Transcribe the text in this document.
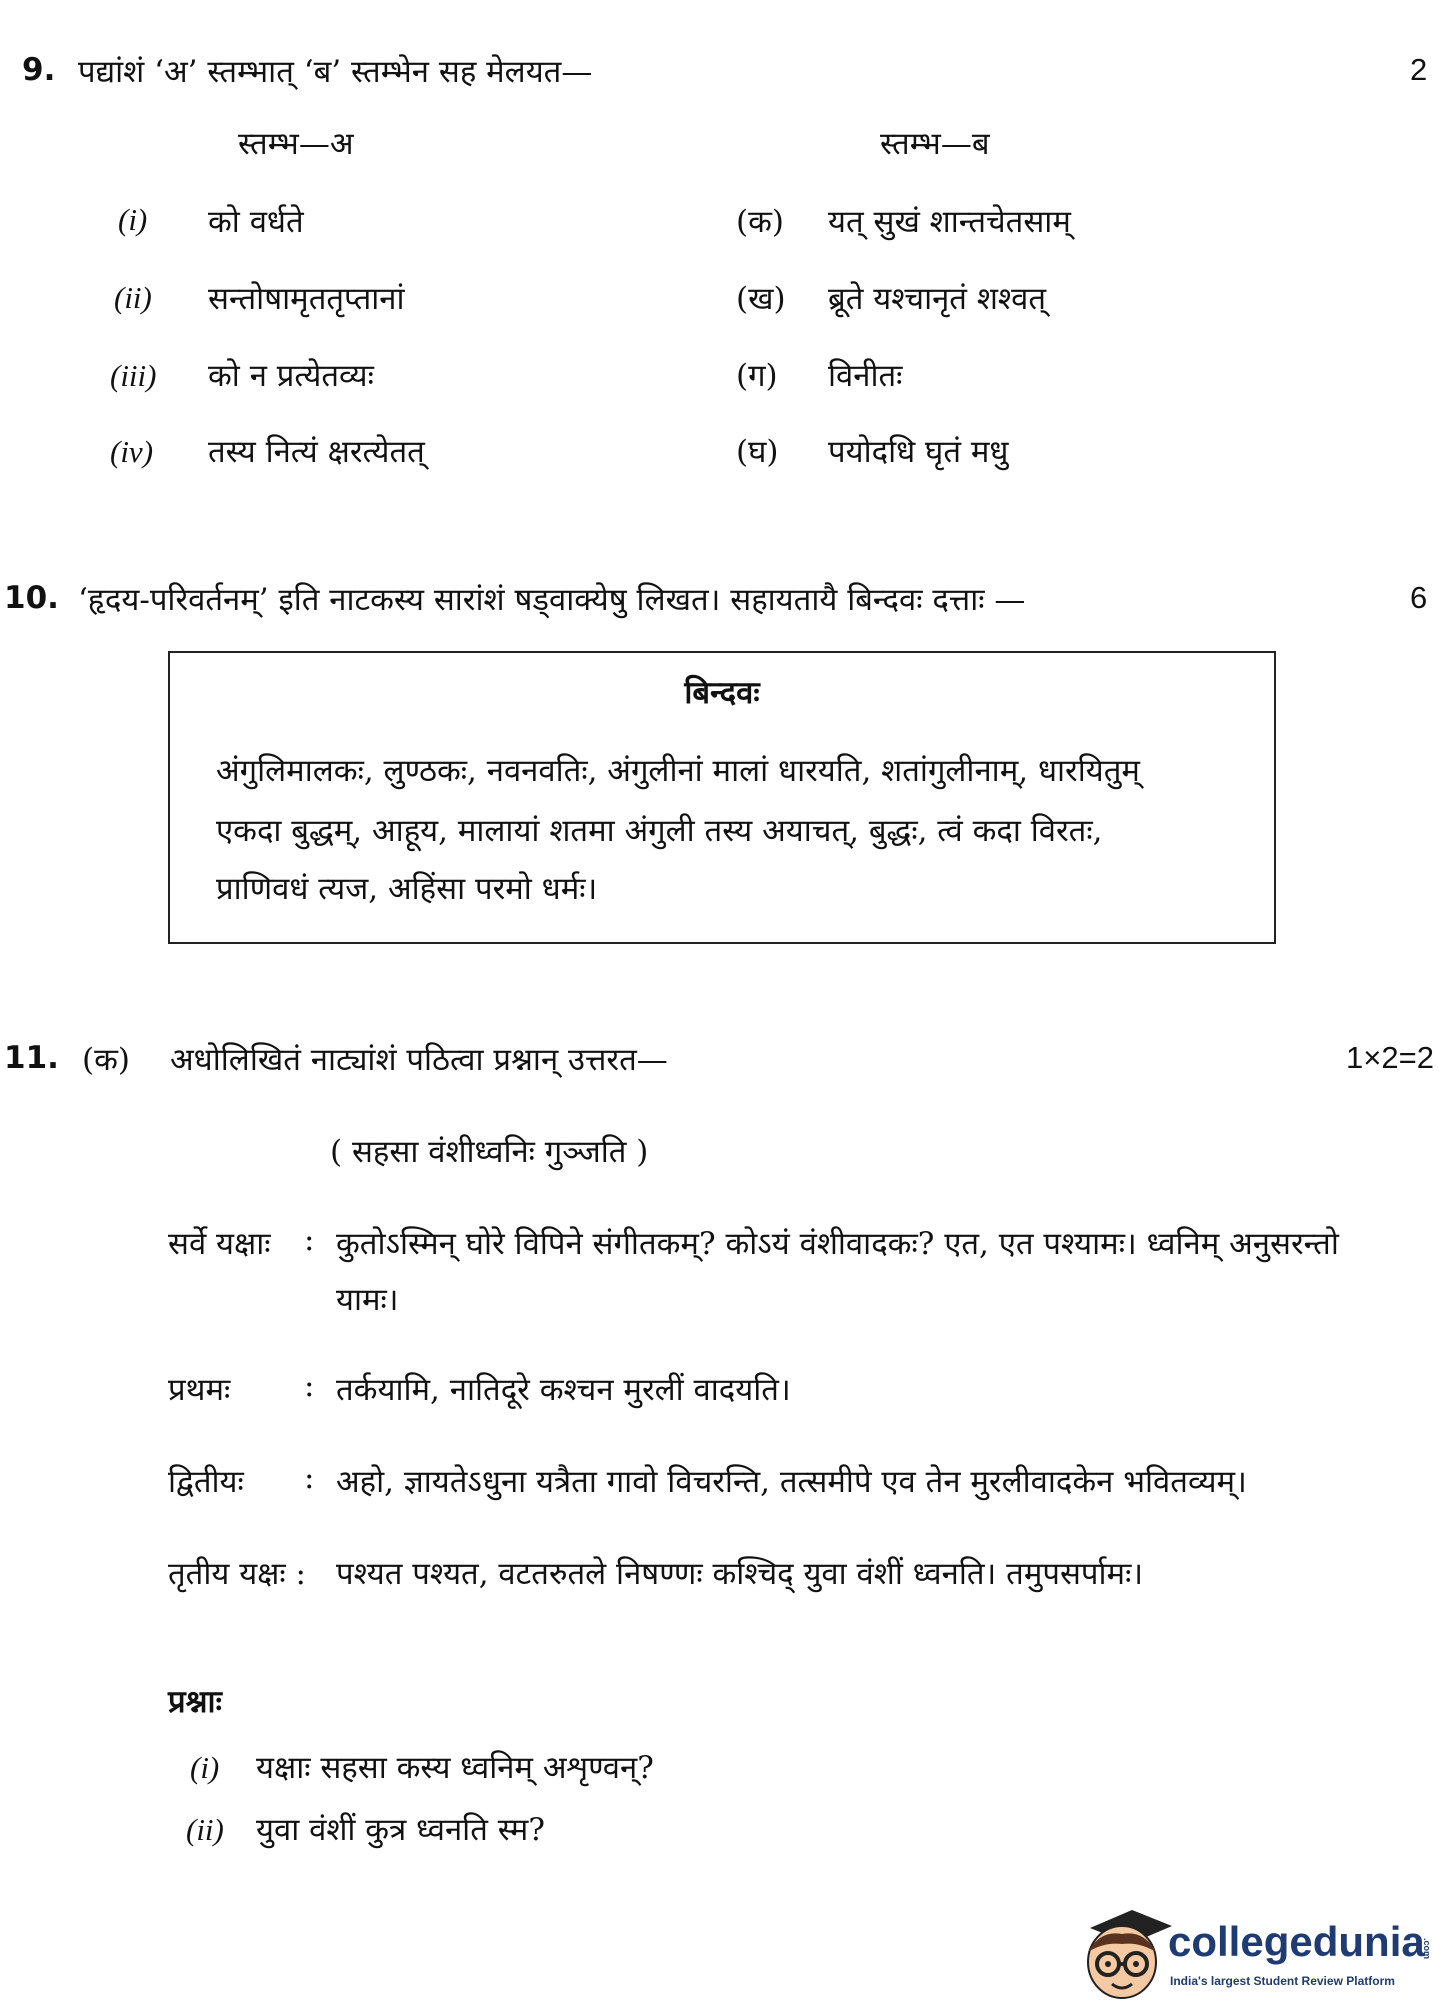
9. पद्यांशं ‘अ’ स्तम्भात् ‘ब’ स्तम्भेन सह मेलयत—	2
स्तम्भ—अ	स्तम्भ—ब
(i) को वर्धते	(क) यत् सुखं शान्तचेतसाम्
(ii) सन्तोषामृततृप्तानां	(ख) ब्रूते यश्चानृतं शश्वत्
(iii) को न प्रत्येतव्यः	(ग) विनीतः
(iv) तस्य नित्यं क्षरत्येतत्	(घ) पयोदधि घृतं मधु
10. ‘हृदय-परिवर्तनम्’ इति नाटकस्य सारांशं षड्वाक्येषु लिखत। सहायतायै बिन्दवः दत्ताः —	6
बिन्दवः
अंगुलिमालकः, लुण्ठकः, नवनवतिः, अंगुलीनां मालां धारयति, शतांगुलीनाम्, धारयितुम्
एकदा बुद्धम्, आहूय, मालायां शतमा अंगुली तस्य अयाचत्, बुद्धः, त्वं कदा विरतः,
प्राणिवधं त्यज, अहिंसा परमो धर्मः।
11. (क) अधोलिखितं नाट्यांशं पठित्वा प्रश्नान् उत्तरत—	1×2=2
( सहसा वंशीध्वनिः गुञ्जति )
सर्वे यक्षाः : कुतोऽस्मिन् घोरे विपिने संगीतकम्? कोऽयं वंशीवादकः? एत, एत पश्यामः। ध्वनिम् अनुसरन्तो
यामः।
प्रथमः : तर्कयामि, नातिदूरे कश्चन मुरलीं वादयति।
द्वितीयः : अहो, ज्ञायतेऽधुना यत्रैता गावो विचरन्ति, तत्समीपे एव तेन मुरलीवादकेन भवितव्यम्।
तृतीय यक्षः : पश्यत पश्यत, वटतरुतले निषण्णः कश्चिद् युवा वंशीं ध्वनति। तमुपसर्पामः।
प्रश्नाः
(i) यक्षाः सहसा कस्य ध्वनिम् अशृण्वन्?
(ii) युवा वंशीं कुत्र ध्वनति स्म?
collegedunia
.com
India's largest Student Review Platform
